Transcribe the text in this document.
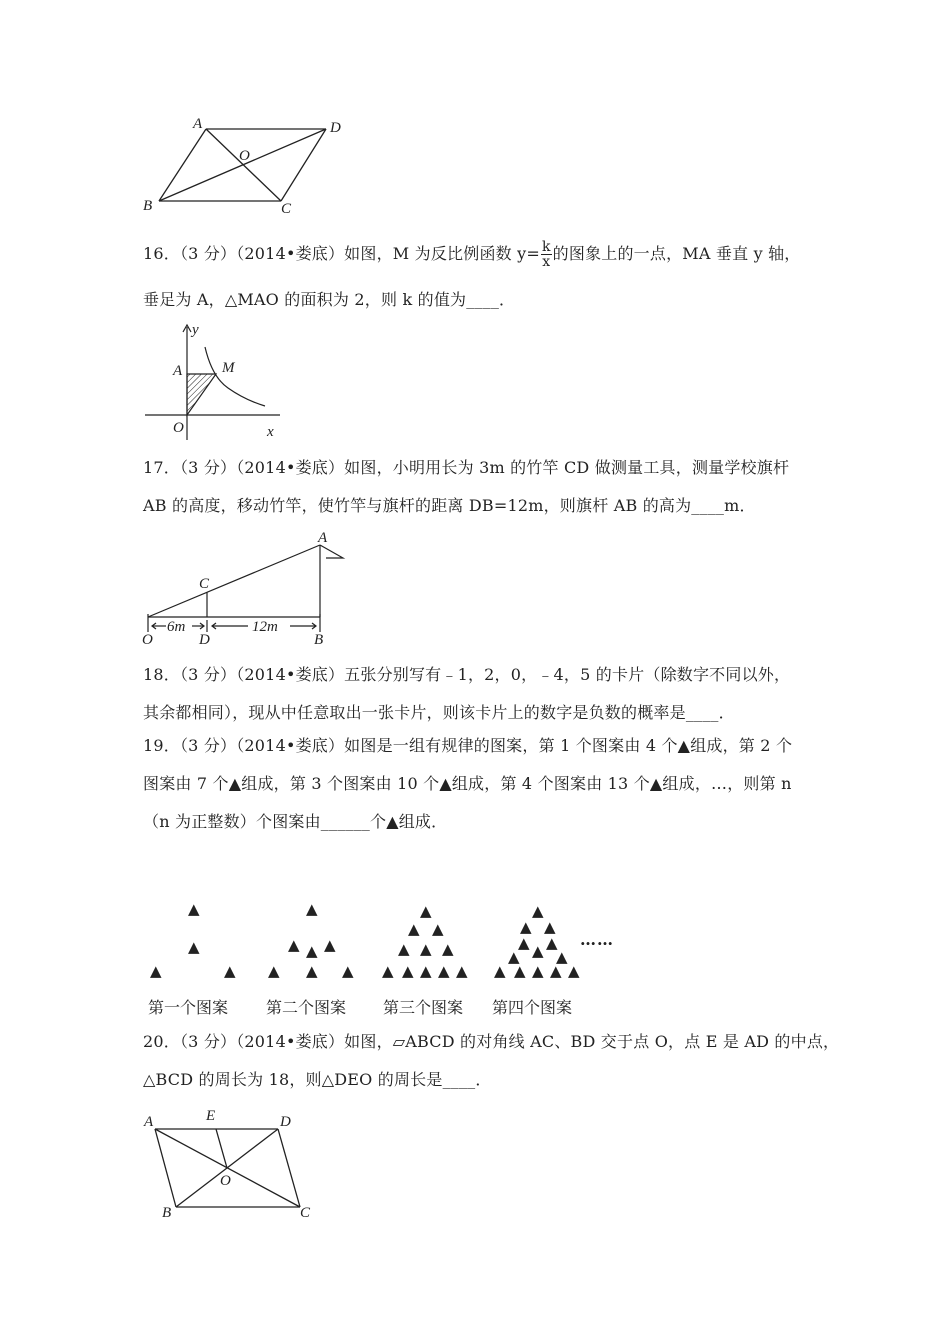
A	D
O
B	C
16．（3 分）（2014•娄底）如图，M 为反比例函数 $y= \frac{k}{x}$ 的图象上的一点，MA 垂直 y 轴，
垂足为 A，△MAO 的面积为 2，则 k 的值为____．
y
A	M
O	x
17．（3 分）（2014•娄底）如图，小明用长为 3m 的竹竿 CD 做测量工具，测量学校旗杆
AB 的高度，移动竹竿，使竹竿与旗杆的距离 DB=12m，则旗杆 AB 的高为____m．
A
C
O	D	B
6m	12m
18．（3 分）（2014•娄底）五张分别写有﹣1，2，0，﹣4，5 的卡片（除数字不同以外，
其余都相同），现从中任意取出一张卡片，则该卡片上的数字是负数的概率是____．
19．（3 分）（2014•娄底）如图是一组有规律的图案，第 1 个图案由 4 个▲组成，第 2 个
图案由 7 个▲组成，第 3 个图案由 10 个▲组成，第 4 个图案由 13 个▲组成，…，则第 n
（n 为正整数）个图案由______个▲组成．
▲
▲
▲	▲
▲
▲ ▲
▲
▲ ▲ ▲
▲
▲ ▲
▲ ▲ ▲
▲ ▲ ▲ ▲ ▲
▲
▲ ▲
▲ ▲
▲
▲ ▲
▲ ▲ ▲ ▲ ▲
……
第一个图案 第二个图案 第三个图案 第四个图案
20．（3 分）（2014•娄底）如图，▱ABCD 的对角线 AC、BD 交于点 O，点 E 是 AD 的中点，
△BCD 的周长为 18，则△DEO 的周长是____．
A	E	D
O
B	C
